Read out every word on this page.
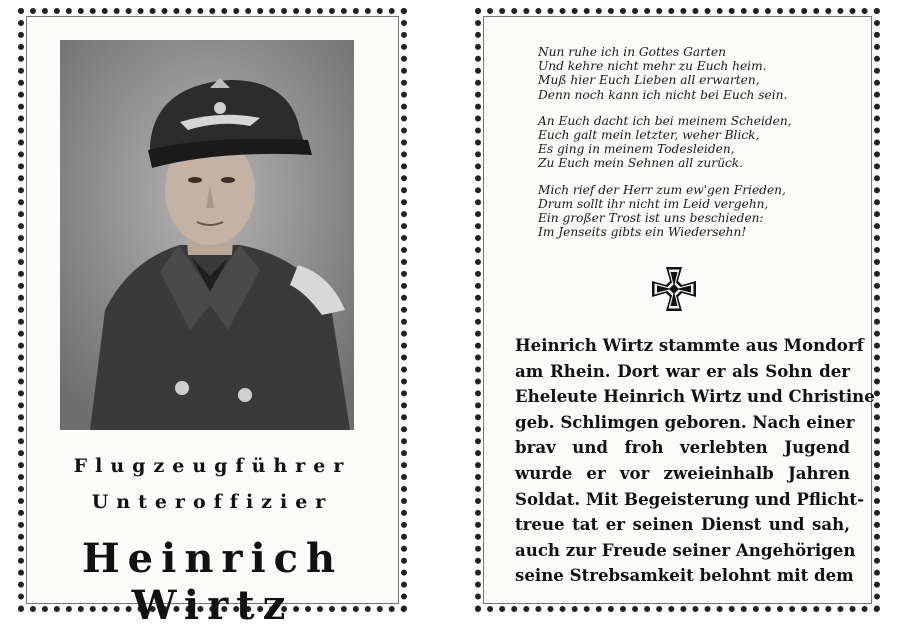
Flugzeugführer
Unteroffizier
Heinrich Wirtz
Nun ruhe ich in Gottes Garten
Und kehre nicht mehr zu Euch heim.
Muß hier Euch Lieben all erwarten,
Denn noch kann ich nicht bei Euch sein.
An Euch dacht ich bei meinem Scheiden,
Euch galt mein letzter, weher Blick,
Es ging in meinem Todesleiden,
Zu Euch mein Sehnen all zurück.
Mich rief der Herr zum ew'gen Frieden,
Drum sollt ihr nicht im Leid vergehn,
Ein großer Trost ist uns beschieden:
Im Jenseits gibts ein Wiedersehn!
Heinrich Wirtz stammte aus Mondorf
am Rhein. Dort war er als Sohn der
Eheleute Heinrich Wirtz und Christine
geb. Schlimgen geboren. Nach einer
brav und froh verlebten Jugend
wurde er vor zweieinhalb Jahren
Soldat. Mit Begeisterung und Pflicht-
treue tat er seinen Dienst und sah,
auch zur Freude seiner Angehörigen
seine Strebsamkeit belohnt mit dem
